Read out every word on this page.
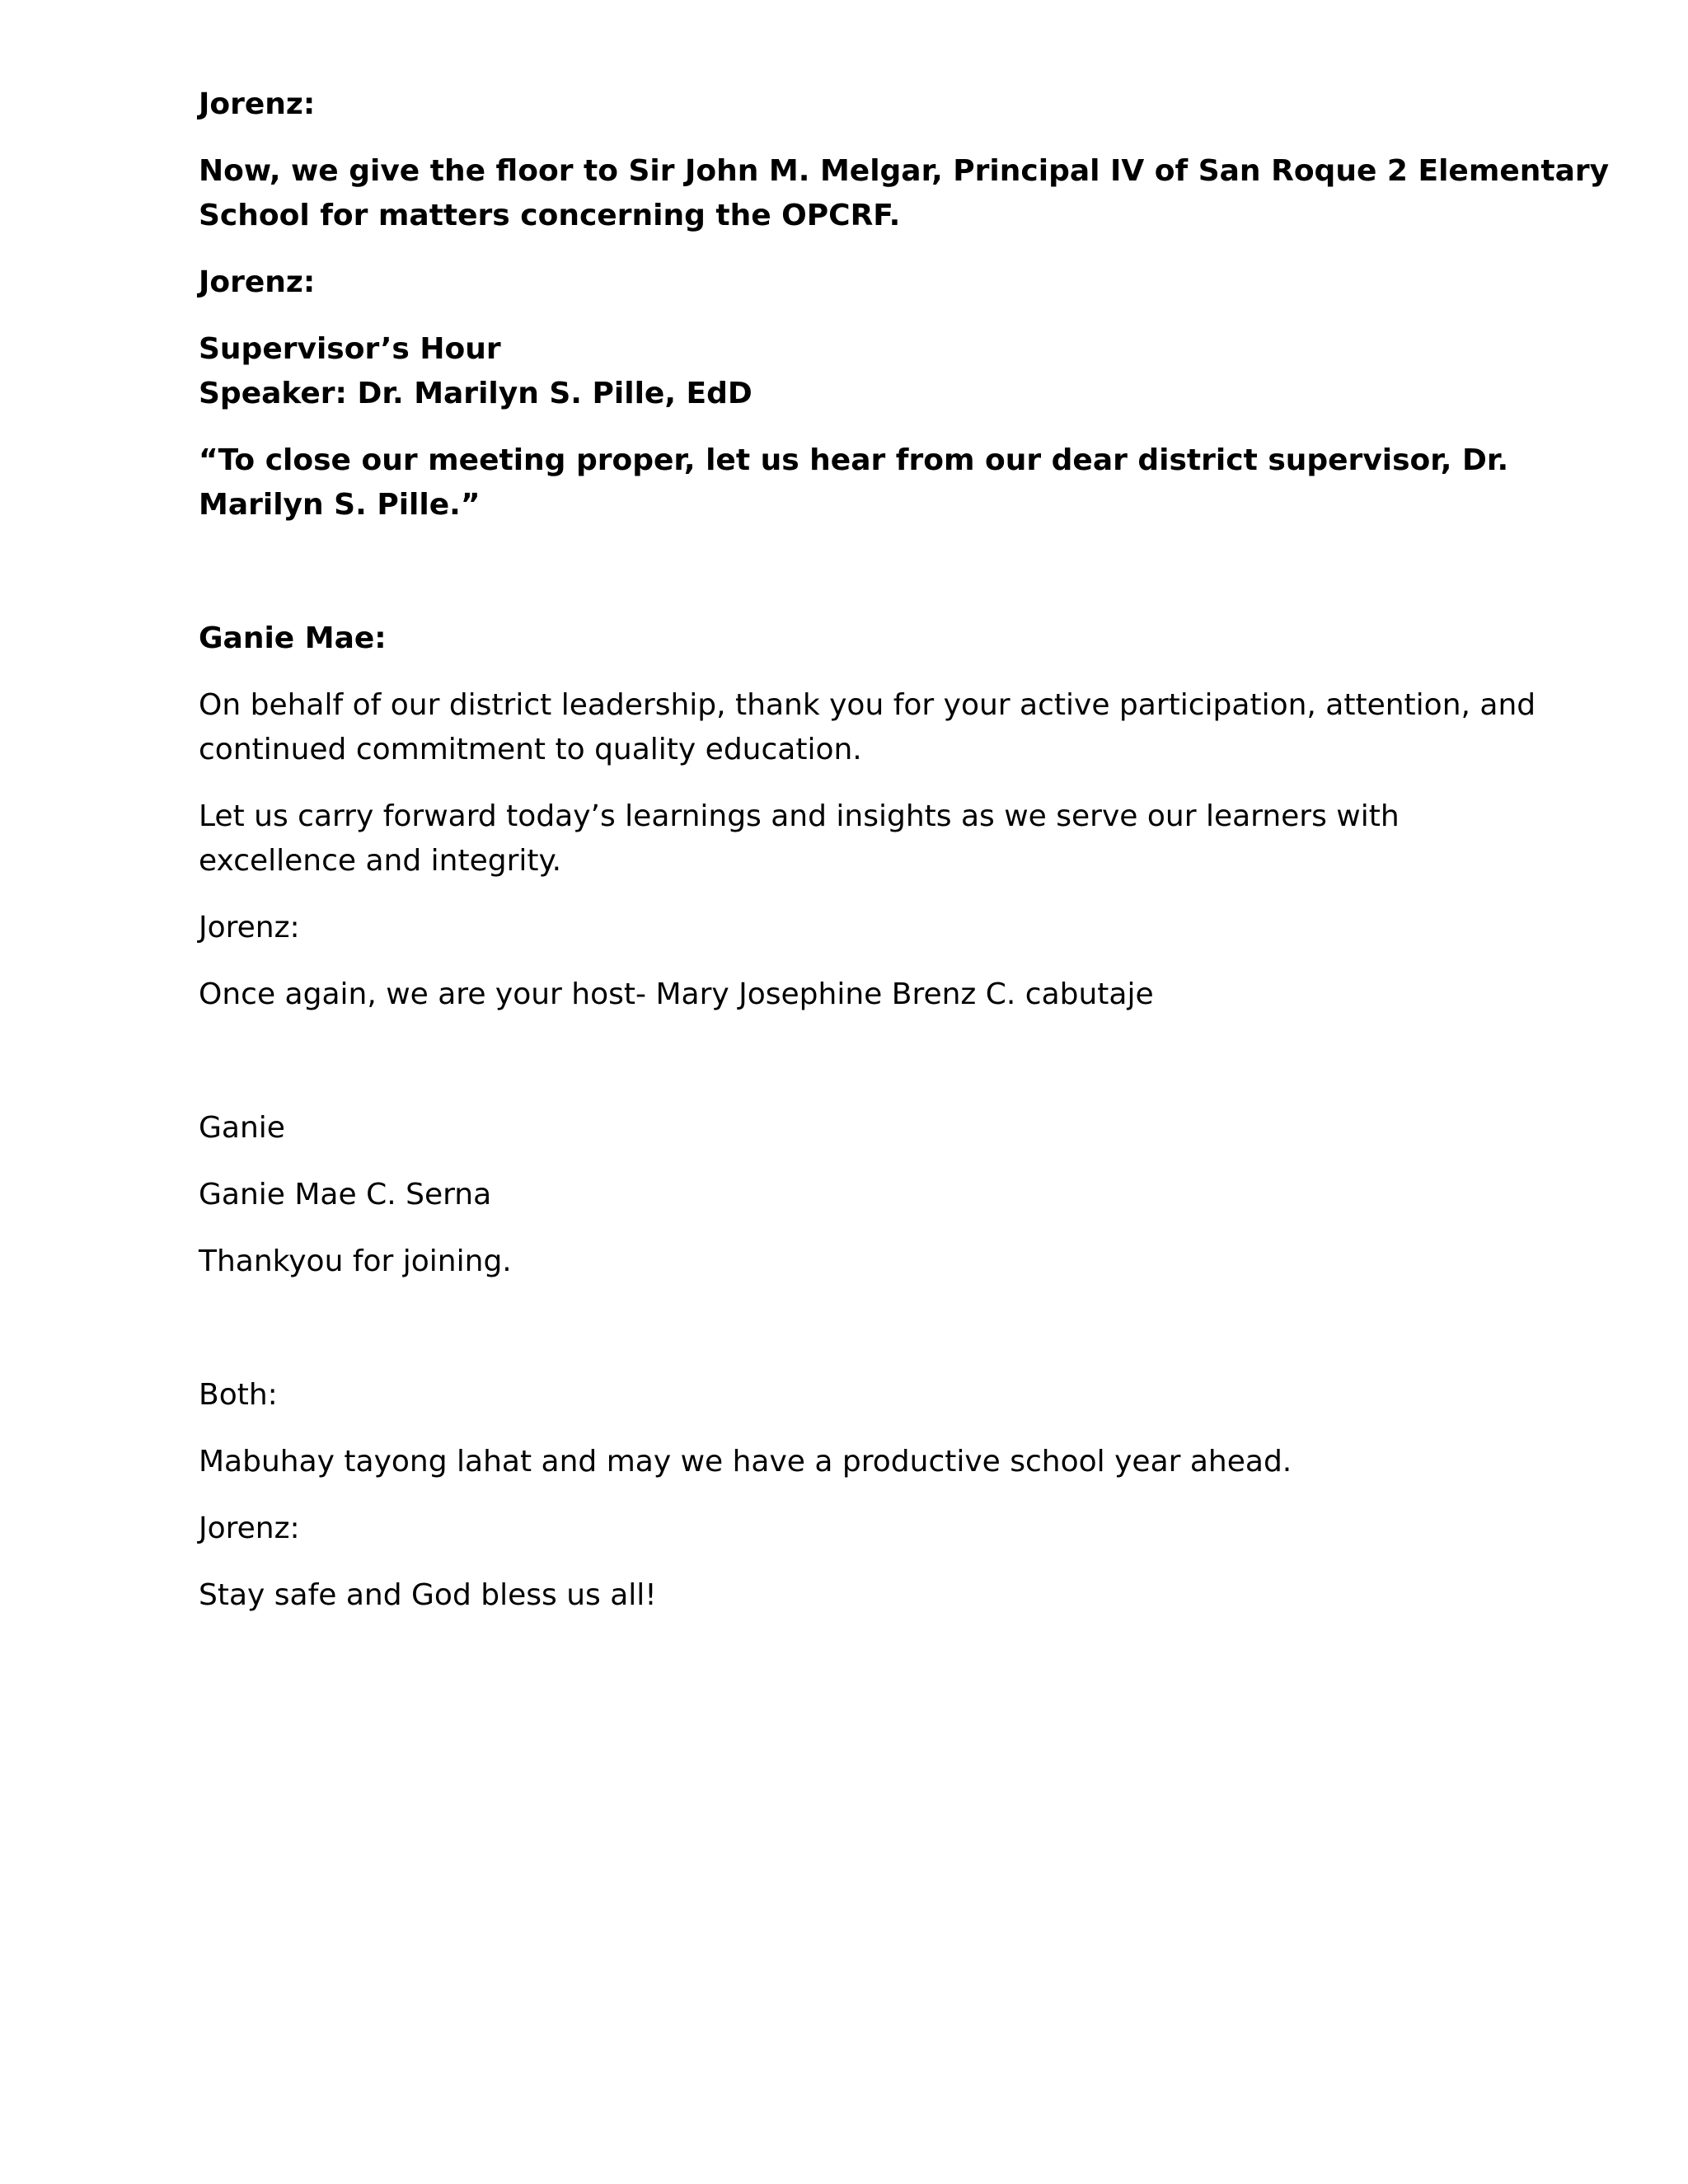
Jorenz:

Now, we give the floor to Sir John M. Melgar, Principal IV of San Roque 2 Elementary

School for matters concerning the OPCRF.

Jorenz:

Supervisor’s Hour

Speaker: Dr. Marilyn S. Pille, EdD

“To close our meeting proper, let us hear from our dear district supervisor, Dr.

Marilyn S. Pille.”

Ganie Mae:

On behalf of our district leadership, thank you for your active participation, attention, and

continued commitment to quality education.

Let us carry forward today’s learnings and insights as we serve our learners with

excellence and integrity.

Jorenz:

Once again, we are your host- Mary Josephine Brenz C. cabutaje

Ganie

Ganie Mae C. Serna

Thankyou for joining.

Both:

Mabuhay tayong lahat and may we have a productive school year ahead.

Jorenz:

Stay safe and God bless us all!
